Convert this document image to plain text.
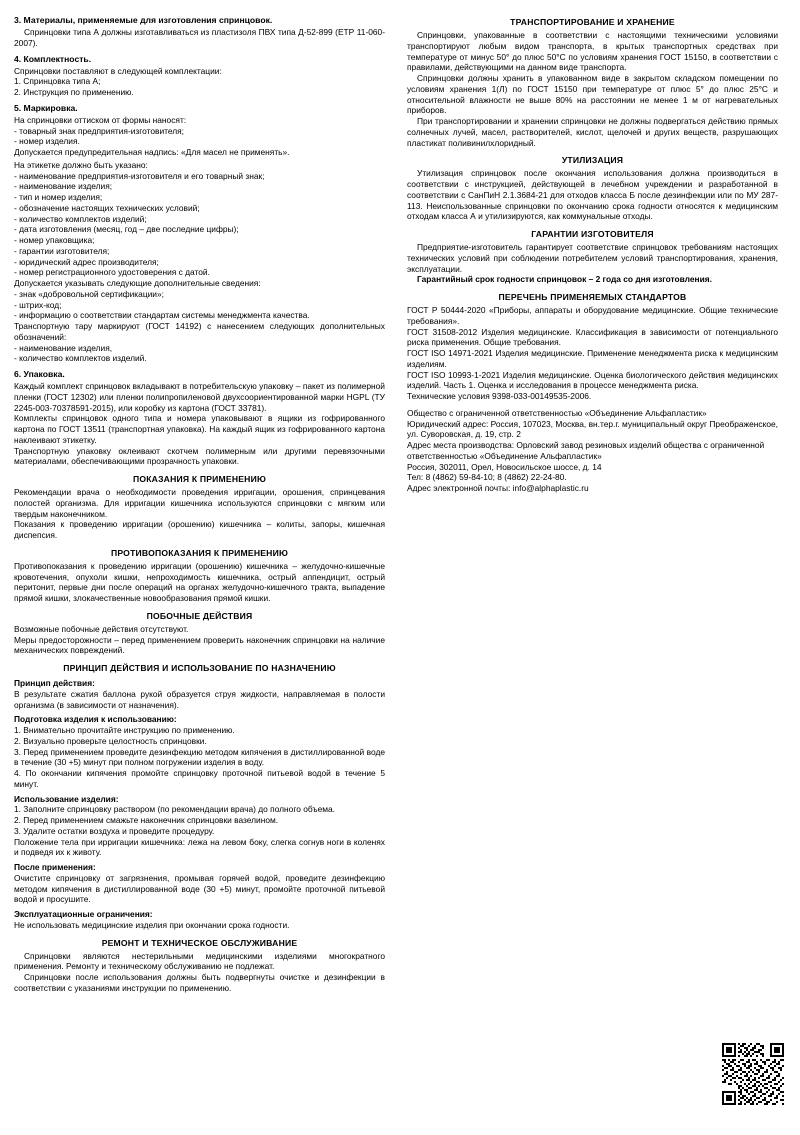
3. Материалы, применяемые для изготовления спринцовок.

Спринцовки типа А должны изготавливаться из пластизоля ПВХ типа Д-52-899 (ЕТР 11-060-2007).

4. Комплектность.

Спринцовки поставляют в следующей комплектации:

1. Спринцовка типа А;
2. Инструкция по применению.
5. Маркировка.

На спринцовки оттиском от формы наносят:

- товарный знак предприятия-изготовителя;
- номер изделия.

Допускается предупредительная надпись: «Для масел не применять».

На этикетке должно быть указано:

- наименование предприятия-изготовителя и его товарный знак;
- наименование изделия;
- тип и номер изделия;
- обозначение настоящих технических условий;
- количество комплектов изделий;
- дата изготовления (месяц, год – две последние цифры);
- номер упаковщика;
- гарантии изготовителя;
- юридический адрес производителя;
- номер регистрационного удостоверения с датой.

Допускается указывать следующие дополнительные сведения:

- знак «добровольной сертификации»;
- штрих-код;
- информацию о соответствии стандартам системы менеджмента качества.

Транспортную тару маркируют (ГОСТ 14192) с нанесением следующих дополнительных обозначений:

- наименование изделия,
- количество комплектов изделий.
6. Упаковка.

Каждый комплект спринцовок вкладывают в потребительскую упаковку – пакет из полимерной пленки (ГОСТ 12302) или пленки полипропиленовой двухсоориентированной марки HGPL (ТУ 2245-003-70378591-2015), или коробку из картона (ГОСТ 33781).

Комплекты спринцовок одного типа и номера упаковывают в ящики из гофрированного картона по ГОСТ 13511 (транспортная упаковка). На каждый ящик из гофрированного картона наклеивают этикетку.

Транспортную упаковку оклеивают скотчем полимерным или другими перевязочными материалами, обеспечивающими прозрачность упаковки.

ПОКАЗАНИЯ К ПРИМЕНЕНИЮ

Рекомендации врача о необходимости проведения ирригации, орошения, спринцевания полостей организма. Для ирригации кишечника используются спринцовки с мягким или твердым наконечником.

Показания к проведению ирригации (орошению) кишечника – колиты, запоры, кишечная диспепсия.

ПРОТИВОПОКАЗАНИЯ К ПРИМЕНЕНИЮ

Противопоказания к проведению ирригации (орошению) кишечника – желудочно-кишечные кровотечения, опухоли кишки, непроходимость кишечника, острый аппендицит, острый перитонит, первые дни после операций на органах желудочно-кишечного тракта, выпадение прямой кишки, злокачественные новообразования прямой кишки.

ПОБОЧНЫЕ ДЕЙСТВИЯ

Возможные побочные действия отсутствуют.

Меры предосторожности – перед применением проверить наконечник спринцовки на наличие механических повреждений.

ПРИНЦИП ДЕЙСТВИЯ И ИСПОЛЬЗОВАНИЕ ПО НАЗНАЧЕНИЮ
Принцип действия:

В результате сжатия баллона рукой образуется струя жидкости, направляемая в полости организма (в зависимости от назначения).

Подготовка изделия к использованию:
1. Внимательно прочитайте инструкцию по применению.
2. Визуально проверьте целостность спринцовки.
3. Перед применением проведите дезинфекцию методом кипячения в дистиллированной воде в течение (30 +5) минут при полном погружении изделия в воду.
4. По окончании кипячения промойте спринцовку проточной питьевой водой в течение 5 минут.
Использование изделия:
1. Заполните спринцовку раствором (по рекомендации врача) до полного объема.
2. Перед применением смажьте наконечник спринцовки вазелином.
3. Удалите остатки воздуха и проведите процедуру.
Положение тела при ирригации кишечника: лежа на левом боку, слегка согнув ноги в коленях и подведя их к животу.
После применения:

Очистите спринцовку от загрязнения, промывая горячей водой, проведите дезинфекцию методом кипячения в дистиллированной воде (30 +5) минут, промойте проточной питьевой водой и просушите.

Эксплуатационные ограничения:

Не использовать медицинские изделия при окончании срока годности.

РЕМОНТ И ТЕХНИЧЕСКОЕ ОБСЛУЖИВАНИЕ

Спринцовки являются нестерильными медицинскими изделиями многократного применения. Ремонту и техническому обслуживанию не подлежат.

Спринцовки после использования должны быть подвергнуты очистке и дезинфекции в соответствии с указаниями инструкции по применению.

ТРАНСПОРТИРОВАНИЕ И ХРАНЕНИЕ

Спринцовки, упакованные в соответствии с настоящими техническими условиями транспортируют любым видом транспорта, в крытых транспортных средствах при температуре от минус 50° до плюс 50°С по условиям хранения ГОСТ 15150, в соответствии с правилами, действующими на данном виде транспорта.

Спринцовки должны хранить в упакованном виде в закрытом складском помещении по условиям хранения 1(Л) по ГОСТ 15150 при температуре от плюс 5° до плюс 25°С и относительной влажности не выше 80% на расстоянии не менее 1 м от нагревательных приборов.

При транспортировании и хранении спринцовки не должны подвергаться действию прямых солнечных лучей, масел, растворителей, кислот, щелочей и других веществ, разрушающих пластикат поливинилхлоридный.

УТИЛИЗАЦИЯ

Утилизация спринцовок после окончания использования должна производиться в соответствии с инструкцией, действующей в лечебном учреждении и разработанной в соответствии с СанПиН 2.1.3684-21 для отходов класса Б после дезинфекции или по МУ 287-113. Неиспользованные спринцовки по окончанию срока годности относятся к медицинским отходам класса А и утилизируются, как коммунальные отходы.

ГАРАНТИИ ИЗГОТОВИТЕЛЯ

Предприятие-изготовитель гарантирует соответствие спринцовок требованиям настоящих технических условий при соблюдении потребителем условий транспортирования, хранения, эксплуатации.

Гарантийный срок годности спринцовок – 2 года со дня изготовления.

ПЕРЕЧЕНЬ ПРИМЕНЯЕМЫХ СТАНДАРТОВ
ГОСТ Р 50444-2020 «Приборы, аппараты и оборудование медицинские. Общие технические требования».
ГОСТ 31508-2012 Изделия медицинские. Классификация в зависимости от потенциального риска применения. Общие требования.
ГОСТ ISO 14971-2021 Изделия медицинские. Применение менеджмента риска к медицинским изделиям.
ГОСТ ISO 10993-1-2021 Изделия медицинские. Оценка биологического действия медицинских изделий. Часть 1. Оценка и исследования в процессе менеджмента риска.
Технические условия 9398-033-00149535-2006.
Общество с ограниченной ответственностью «Объединение Альфапластик»
Юридический адрес: Россия, 107023, Москва, вн.тер.г. муниципальный округ Преображенское, ул. Суворовская, д. 19, стр. 2
Адрес места производства: Орловский завод резиновых изделий общества с ограниченной ответственностью «Объединение Альфапластик»
Россия, 302011, Орел, Новосильское шоссе, д. 14
Тел: 8 (4862) 59-84-10; 8 (4862) 22-24-80.
Адрес электронной почты: info@alphaplastic.ru
